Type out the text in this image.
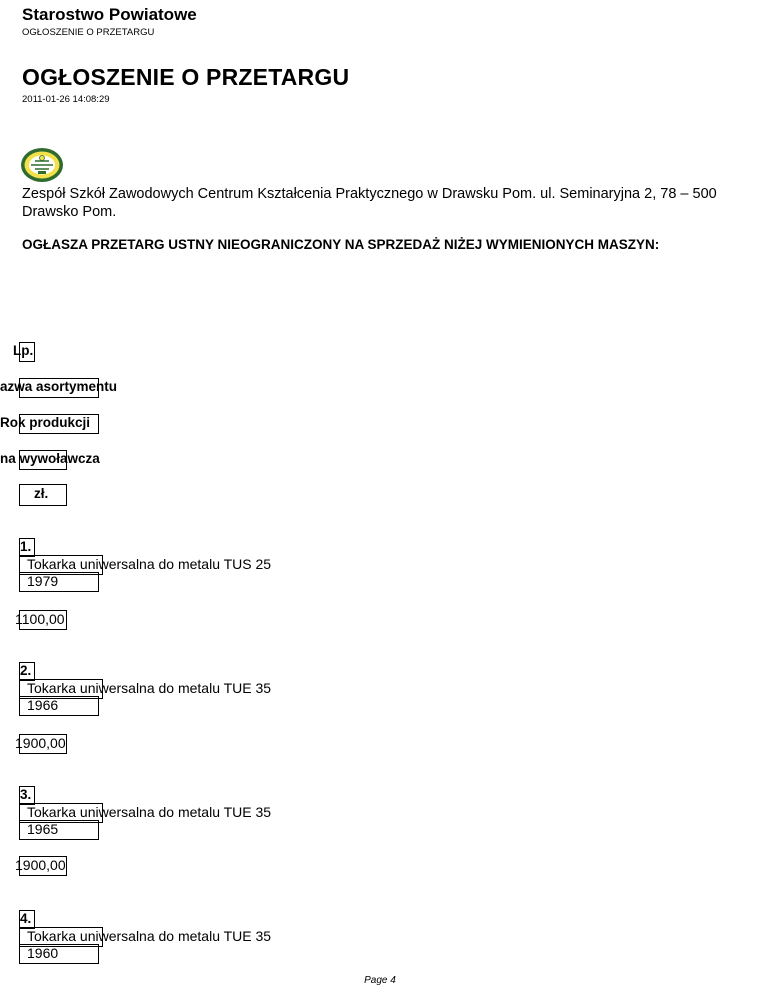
Starostwo Powiatowe
OGŁOSZENIE O PRZETARGU
OGŁOSZENIE O PRZETARGU
2011-01-26 14:08:29
Zespół Szkół Zawodowych Centrum Kształcenia Praktycznego w Drawsku Pom. ul. Seminaryjna 2, 78 – 500 Drawsko Pom.
OGŁASZA PRZETARG USTNY NIEOGRANICZONY NA SPRZEDAŻ NIŻEJ WYMIENIONYCH MASZYN:
Lp.
azwa asortymentu
Rok produkcji
na wywoławcza
zł.
1.
Tokarka uniwersalna do metalu TUS 25
1979
1100,00
2.
Tokarka uniwersalna do metalu TUE 35
1966
1900,00
3.
Tokarka uniwersalna do metalu TUE 35
1965
1900,00
4.
Tokarka uniwersalna do metalu TUE 35
1960
Page 4
